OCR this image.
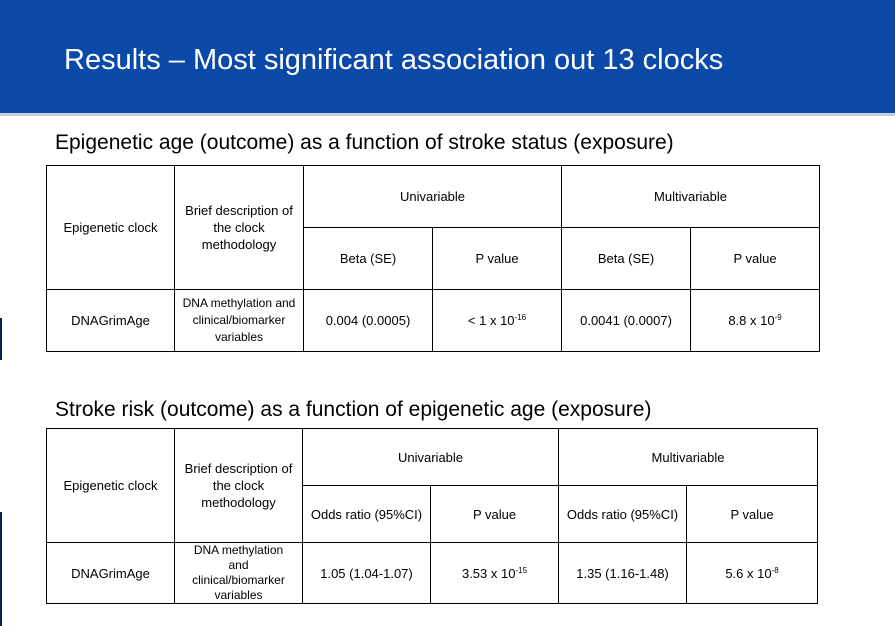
Results – Most significant association out 13 clocks
Epigenetic age (outcome) as a function of stroke status (exposure)
Epigenetic clock	Brief description of the clock methodology	Univariable		Multivariable	
		Beta (SE)	P value	Beta (SE)	P value
DNAGrimAge	DNA methylation and clinical/biomarker variables	0.004 (0.0005)	< 1 x $10^{-16}$	0.0041 (0.0007)	8.8 x $10^{-9}$
Stroke risk (outcome) as a function of epigenetic age (exposure)
Epigenetic clock	Brief description of the clock methodology	Univariable		Multivariable	
		Odds ratio (95%CI)	P value	Odds ratio (95%CI)	P value
DNAGrimAge	DNA methylation and clinical/biomarker variables	1.05 (1.04-1.07)	3.53 x $10^{-15}$	1.35 (1.16-1.48)	5.6 x $10^{-8}$
